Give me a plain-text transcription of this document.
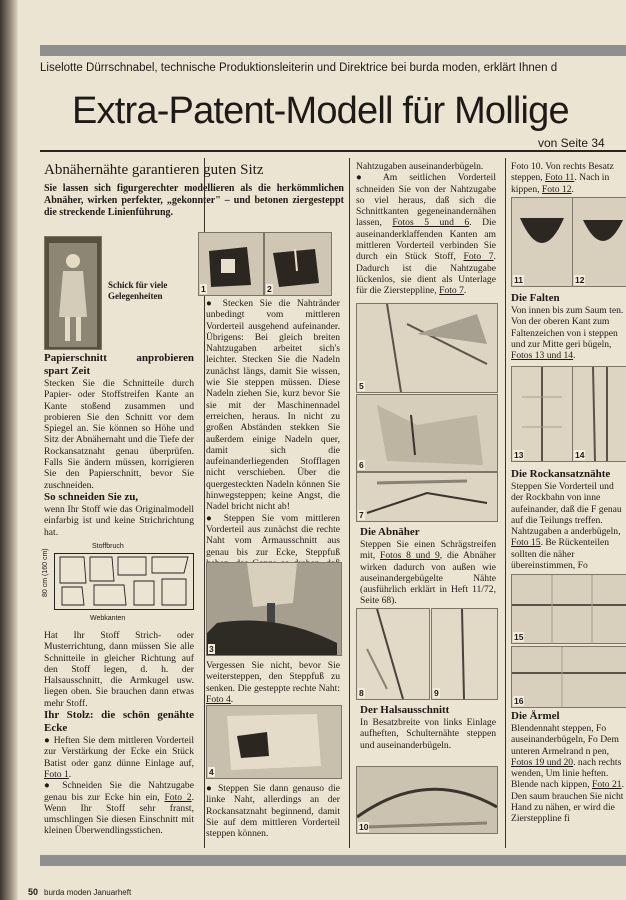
Liselotte Dürrschnabel, technische Produktionsleiterin und Direktrice bei burda moden, erklärt Ihnen d
Extra-Patent-Modell für Mollige
von Seite 34
Abnähernähte garantieren guten Sitz
Sie lassen sich figurgerechter modellieren als die herkömmlichen Abnäher, wirken perfekter, „gekonnter" – und betonen ziergesteppt die streckende Linienführung.
Schick für viele Gelegenheiten

Papierschnitt anprobieren spart Zeit

Stecken Sie die Schnitteile durch Papier- oder Stoffstreifen Kante an Kante stoßend zusammen und probieren Sie den Schnitt vor dem Spiegel an. Sie können so Höhe und Sitz der Abnähernaht und die Tiefe der Rockansatznaht genau überprüfen. Falls Sie ändern müssen, korrigieren Sie den Papierschnitt, bevor Sie zuschneiden.

So schneiden Sie zu,

wenn Ihr Stoff wie das Originalmodell einfarbig ist und keine Strichrichtung hat.

Stoffbruch
80 cm (160 cm)
Webkanten

Hat Ihr Stoff Strich- oder Musterrichtung, dann müssen Sie alle Schnitteile in gleicher Richtung auf den Stoff legen, d. h. der Halsausschnitt, die Armkugel usw. liegen oben. Sie brauchen dann etwas mehr Stoff.

Ihr Stolz: die schön genähte Ecke

● Heften Sie dem mittleren Vorderteil zur Verstärkung der Ecke ein Stück Batist oder ganz dünne Einlage auf, Foto 1.

● Schneiden Sie die Nahtzugabe genau bis zur Ecke hin ein, Foto 2. Wenn Ihr Stoff sehr franst, umschlingen Sie diesen Einschnitt mit kleinen Überwendlingsstichen.

1	2

● Stecken Sie die Nahtränder unbedingt vom mittleren Vorderteil ausgehend aufeinander. Übrigens: Bei gleich breiten Nahtzugaben arbeitet sich's leichter. Stecken Sie die Nadeln zunächst längs, damit Sie wissen, wie Sie steppen müssen. Diese Nadeln ziehen Sie, kurz bevor Sie sie mit der Maschinennadel erreichen, heraus. In nicht zu großen Abständen stekken Sie außerdem einige Nadeln quer, damit sich die aufeinanderliegenden Stofflagen nicht verschieben. Über die quergesteckten Nadeln können Sie hinwegsteppen; keine Angst, die Nadel bricht nicht ab!

● Steppen Sie vom mittleren Vorderteil aus zunächst die rechte Naht vom Armausschnitt aus genau bis zur Ecke, Steppfuß

3

Vergessen Sie nicht, bevor Sie weitersteppen, den Steppfuß zu senken. Die gesteppte rechte Naht: Foto 4.

4
● Steppen Sie dann genauso die linke Naht, allerdings an der Rockansatznaht beginnend, damit Sie auf dem mittleren Vorderteil steppen können.

Nahtzugaben auseinanderbügeln.

● Am seitlichen Vorderteil schneiden Sie von der Nahtzugabe so viel heraus, daß sich die Schnittkanten gegeneinandernähen lassen, Fotos 5 und 6. Die auseinanderklaffenden Kanten am mittleren Vorderteil verbinden Sie durch ein Stück Stoff, Foto 7. Dadurch ist die Nahtzugabe lückenlos, sie dient als Unterlage für die Ziersteppline, Foto 7.

5
6
7

Die Abnäher

Steppen Sie einen Schrägstreifen mit, Fotos 8 und 9, die Abnäher wirken dadurch von außen wie auseinandergebügelte Nähte (ausführlich erklärt in Heft 11/72, Seite 68).

8	9

Der Halsausschnitt

In Besatzbreite von links Einlage aufheften, Schulternähte steppen und auseinanderbügeln.

10

Foto 10. Von rechts Besatz steppen, Foto 11. Nach in kippen, Foto 12.

11	12

Die Falten

Von innen bis zum Saum ten. Von der oberen Kant zum Faltenzeichen von i steppen und zur Mitte geri bügeln, Fotos 13 und 14.

13	14

Die Rockansatznähte

Steppen Sie Vorderteil und der Rockbahn von inne aufeinander, daß die F genau auf die Teilungs treffen. Nahtzugaben a anderbügeln, Foto 15. Be Rückenteilen sollten die näher übereinstimmen, Fo

15
16

Die Ärmel

Blendennaht steppen, Fo auseinanderbügeln, Fo Dem unteren Armelrand n pen, Fotos 19 und 20. nach rechts wenden, Um linie heften. Blende nach kippen, Foto 21. Den saum brauchen Sie nicht Hand zu nähen, er wird die Ziersteppline fi

50 burda moden Januarheft
